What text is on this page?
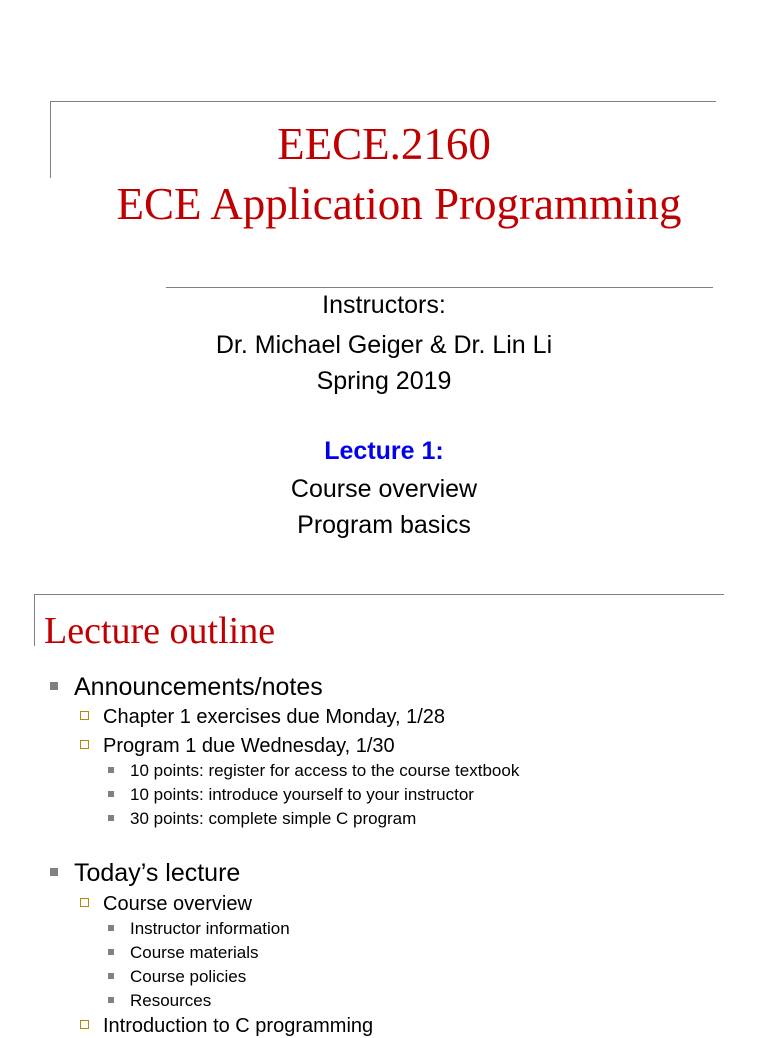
EECE.2160
ECE Application Programming
Instructors:
Dr. Michael Geiger & Dr. Lin Li
Spring 2019
Lecture 1:
Course overview
Program basics
Lecture outline
Announcements/notes
Chapter 1 exercises due Monday, 1/28
Program 1 due Wednesday, 1/30
10 points: register for access to the course textbook
10 points: introduce yourself to your instructor
30 points: complete simple C program
Today’s lecture
Course overview
Instructor information
Course materials
Course policies
Resources
Introduction to C programming
